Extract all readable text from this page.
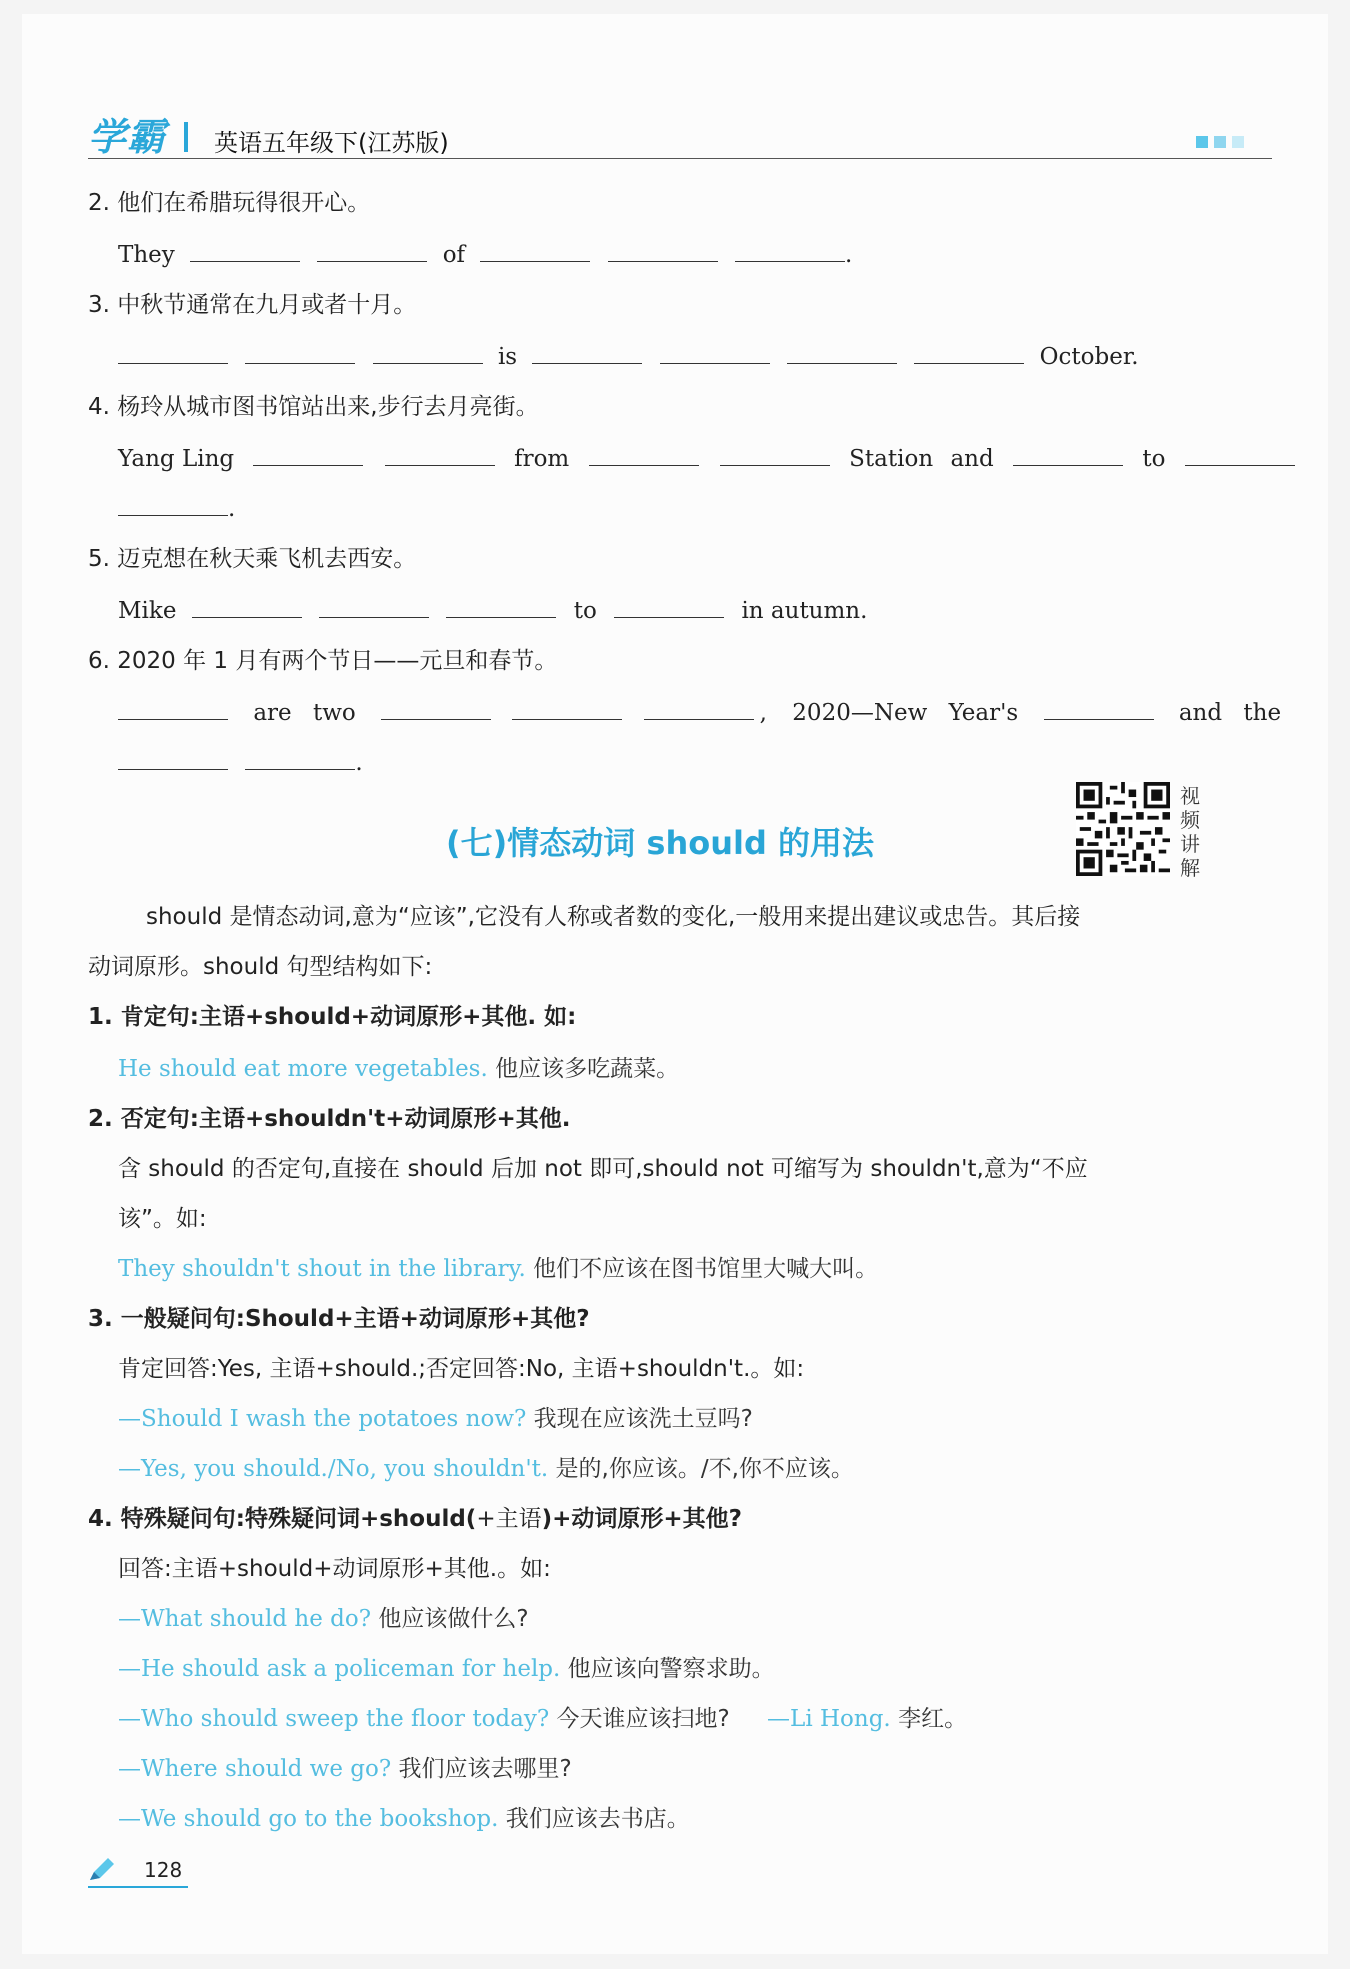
学霸 英语五年级下(江苏版)
2. 他们在希腊玩得很开心。
They	of	.
3. 中秋节通常在九月或者十月。
is	October.
4. 杨玲从城市图书馆站出来,步行去月亮街。
Yang Ling	from	Station and	to
.
5. 迈克想在秋天乘飞机去西安。
Mike	to	in autumn.
6. 2020 年 1 月有两个节日——元旦和春节。
are two	, 2020—New Year's	and the
.
(七)情态动词 should 的用法
视
频
讲
解
should 是情态动词,意为“应该”,它没有人称或者数的变化,一般用来提出建议或忠告。其后接
动词原形。should 句型结构如下:
1. 肯定句:主语+should+动词原形+其他. 如:
He should eat more vegetables. 他应该多吃蔬菜。
2. 否定句:主语+shouldn't+动词原形+其他.
含 should 的否定句,直接在 should 后加 not 即可,should not 可缩写为 shouldn't,意为“不应
该”。如:
They shouldn't shout in the library. 他们不应该在图书馆里大喊大叫。
3. 一般疑问句:Should+主语+动词原形+其他?
肯定回答:Yes, 主语+should.;否定回答:No, 主语+shouldn't.。如:
—Should I wash the potatoes now? 我现在应该洗土豆吗?
—Yes, you should./No, you shouldn't. 是的,你应该。/不,你不应该。
4. 特殊疑问句:特殊疑问词+should(+主语)+动词原形+其他?
回答:主语+should+动词原形+其他.。如:
—What should he do? 他应该做什么?
—He should ask a policeman for help. 他应该向警察求助。
—Who should sweep the floor today? 今天谁应该扫地? —Li Hong. 李红。
—Where should we go? 我们应该去哪里?
—We should go to the bookshop. 我们应该去书店。
128
